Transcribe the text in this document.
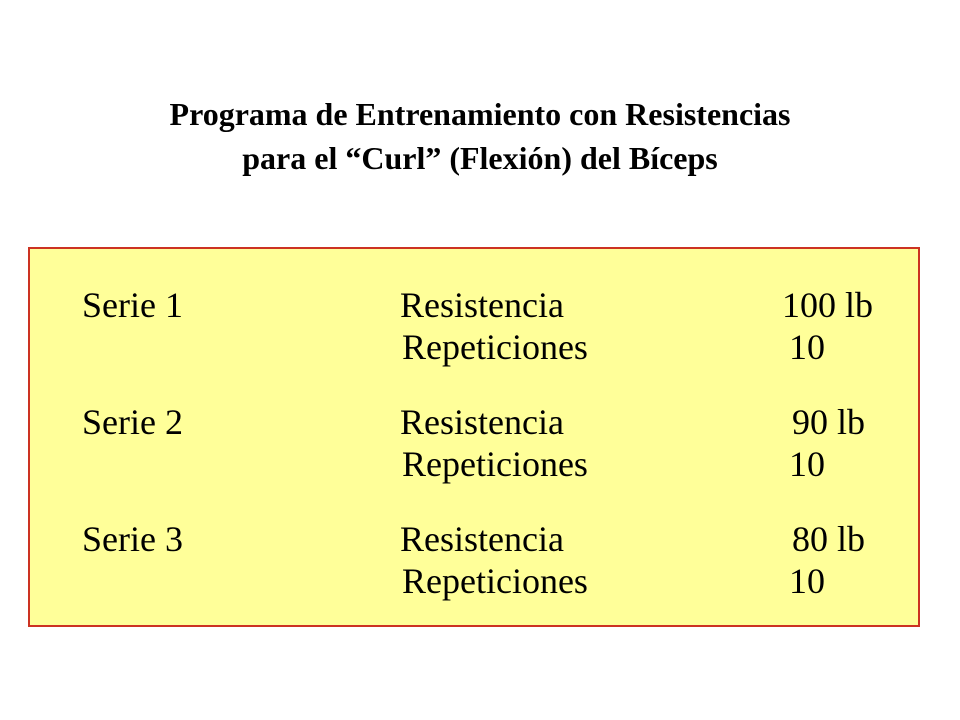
Programa de Entrenamiento con Resistencias
para el “Curl” (Flexión) del Bíceps
Serie 1	Resistencia	100 lb
Repeticiones	10
Serie 2	Resistencia	90 lb
Repeticiones	10
Serie 3	Resistencia	80 lb
Repeticiones	10
